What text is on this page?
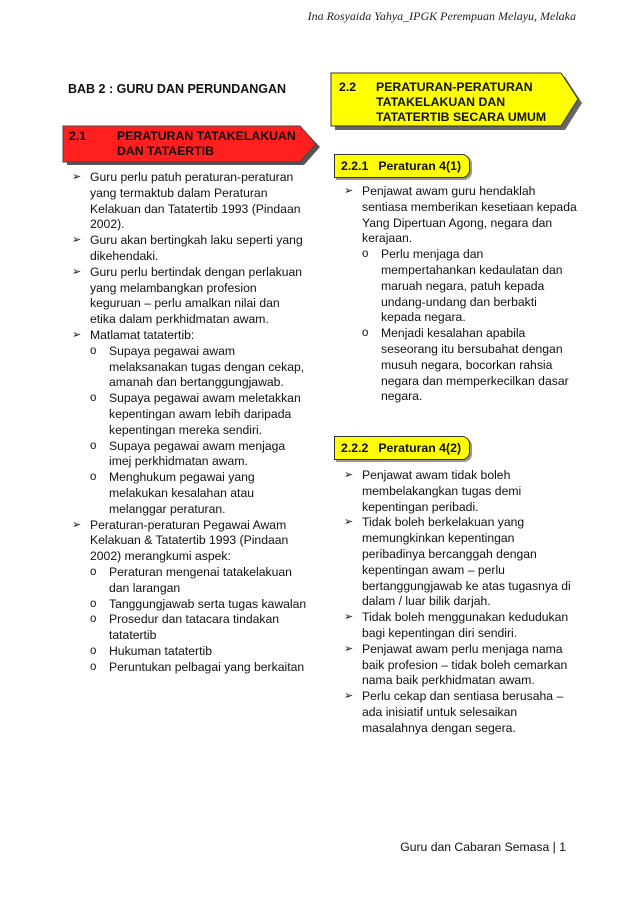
Ina Rosyaida Yahya_IPGK Perempuan Melayu, Melaka
BAB 2 : GURU DAN PERUNDANGAN
2.1	PERATURAN TATAKELAKUAN DAN TATAERTIB
➢ Guru perlu patuh peraturan-peraturan yang termaktub dalam Peraturan Kelakuan dan Tatatertib 1993 (Pindaan 2002).
➢ Guru akan bertingkah laku seperti yang dikehendaki.
➢ Guru perlu bertindak dengan perlakuan yang melambangkan profesion keguruan – perlu amalkan nilai dan etika dalam perkhidmatan awam.
➢ Matlamat tatatertib:
o Supaya pegawai awam melaksanakan tugas dengan cekap, amanah dan bertanggungjawab.
o Supaya pegawai awam meletakkan kepentingan awam lebih daripada kepentingan mereka sendiri.
o Supaya pegawai awam menjaga imej perkhidmatan awam.
o Menghukum pegawai yang melakukan kesalahan atau melanggar peraturan.
➢ Peraturan-peraturan Pegawai Awam Kelakuan & Tatatertib 1993 (Pindaan 2002) merangkumi aspek:
o Peraturan mengenai tatakelakuan dan larangan
o Tanggungjawab serta tugas kawalan
o Prosedur dan tatacara tindakan tatatertib
o Hukuman tatatertib
o Peruntukan pelbagai yang berkaitan
2.2 PERATURAN-PERATURAN TATAKELAKUAN DAN TATATERTIB SECARA UMUM
2.2.1 Peraturan 4(1)
➢ Penjawat awam guru hendaklah sentiasa memberikan kesetiaan kepada Yang Dipertuan Agong, negara dan kerajaan.
o Perlu menjaga dan mempertahankan kedaulatan dan maruah negara, patuh kepada undang-undang dan berbakti kepada negara.
o Menjadi kesalahan apabila seseorang itu bersubahat dengan musuh negara, bocorkan rahsia negara dan memperkecilkan dasar negara.
2.2.2 Peraturan 4(2)
➢ Penjawat awam tidak boleh membelakangkan tugas demi kepentingan peribadi.
➢ Tidak boleh berkelakuan yang memungkinkan kepentingan peribadinya bercanggah dengan kepentingan awam – perlu bertanggungjawab ke atas tugasnya di dalam / luar bilik darjah.
➢ Tidak boleh menggunakan kedudukan bagi kepentingan diri sendiri.
➢ Penjawat awam perlu menjaga nama baik profesion – tidak boleh cemarkan nama baik perkhidmatan awam.
➢ Perlu cekap dan sentiasa berusaha – ada inisiatif untuk selesaikan masalahnya dengan segera.
Guru dan Cabaran Semasa | 1
